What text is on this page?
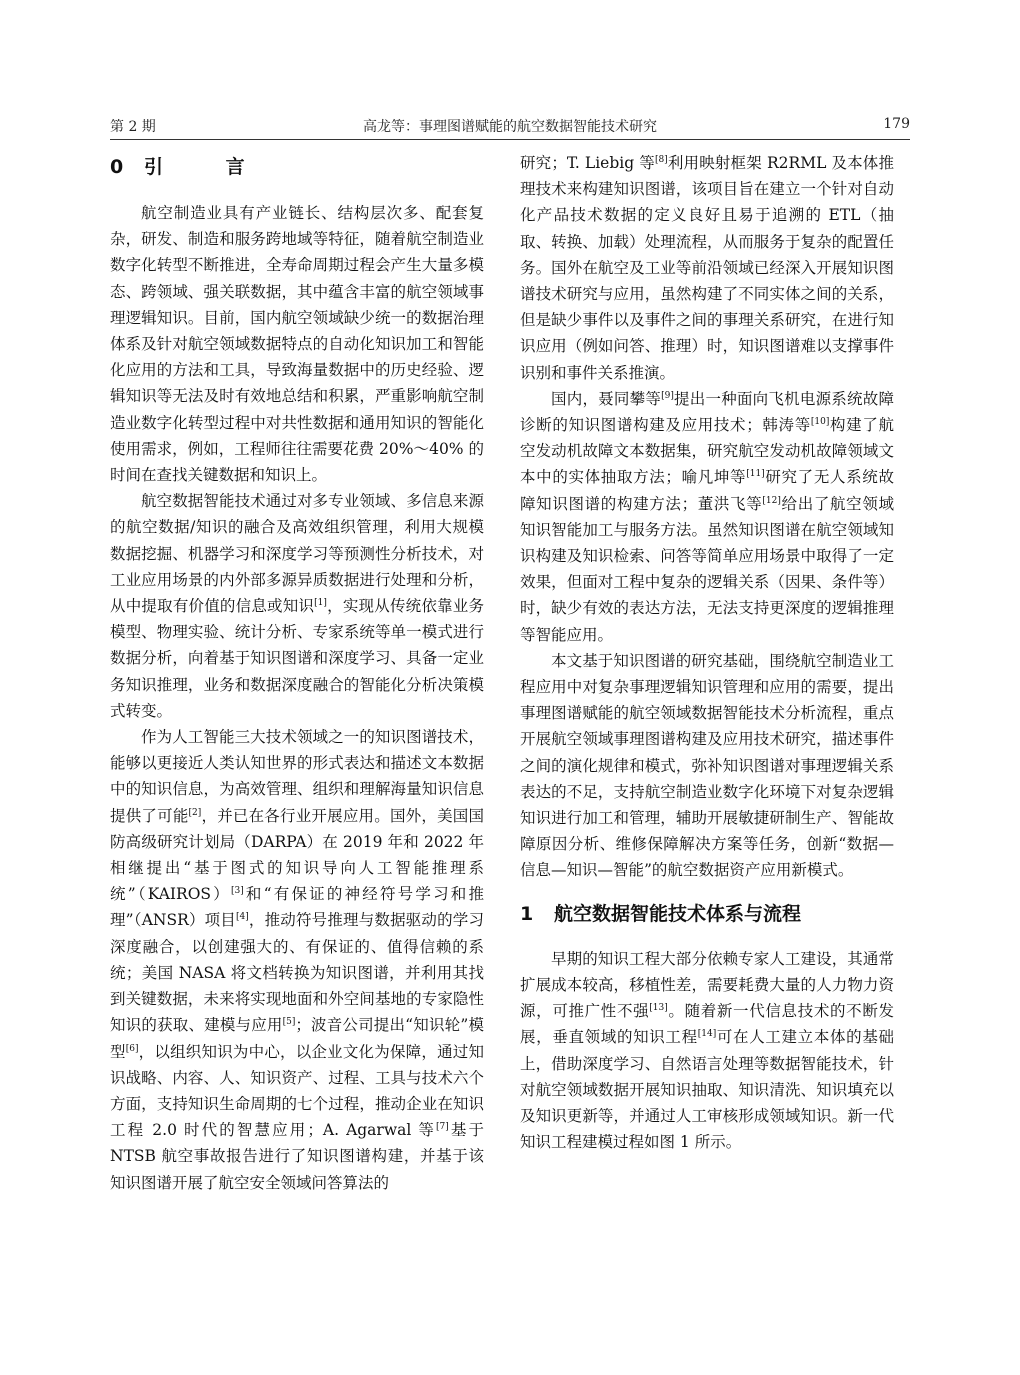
第 2 期	高龙等：事理图谱赋能的航空数据智能技术研究	179
0 引 言

航空制造业具有产业链长、结构层次多、配套复杂，研发、制造和服务跨地域等特征，随着航空制造业数字化转型不断推进，全寿命周期过程会产生大量多模态、跨领域、强关联数据，其中蕴含丰富的航空领域事理逻辑知识。目前，国内航空领域缺少统一的数据治理体系及针对航空领域数据特点的自动化知识加工和智能化应用的方法和工具，导致海量数据中的历史经验、逻辑知识等无法及时有效地总结和积累，严重影响航空制造业数字化转型过程中对共性数据和通用知识的智能化使用需求，例如，工程师往往需要花费 20%～40% 的时间在查找关键数据和知识上。

航空数据智能技术通过对多专业领域、多信息来源的航空数据/知识的融合及高效组织管理，利用大规模数据挖掘、机器学习和深度学习等预测性分析技术，对工业应用场景的内外部多源异质数据进行处理和分析，从中提取有价值的信息或知识[1]，实现从传统依靠业务模型、物理实验、统计分析、专家系统等单一模式进行数据分析，向着基于知识图谱和深度学习、具备一定业务知识推理，业务和数据深度融合的智能化分析决策模式转变。

作为人工智能三大技术领域之一的知识图谱技术，能够以更接近人类认知世界的形式表达和描述文本数据中的知识信息，为高效管理、组织和理解海量知识信息提供了可能[2]，并已在各行业开展应用。国外，美国国防高级研究计划局（DARPA）在 2019 年和 2022 年相继提出“基于图式的知识导向人工智能推理系统”（KAIROS）[3]和“有保证的神经符号学习和推理”（ANSR）项目[4]，推动符号推理与数据驱动的学习深度融合，以创建强大的、有保证的、值得信赖的系统；美国 NASA 将文档转换为知识图谱，并利用其找到关键数据，未来将实现地面和外空间基地的专家隐性知识的获取、建模与应用[5]；波音公司提出“知识轮”模型[6]，以组织知识为中心，以企业文化为保障，通过知识战略、内容、人、知识资产、过程、工具与技术六个方面，支持知识生命周期的七个过程，推动企业在知识工程 2.0 时代的智慧应用；A. Agarwal 等[7]基于 NTSB 航空事故报告进行了知识图谱构建，并基于该知识图谱开展了航空安全领域问答算法的

研究；T. Liebig 等[8]利用映射框架 R2RML 及本体推理技术来构建知识图谱，该项目旨在建立一个针对自动化产品技术数据的定义良好且易于追溯的 ETL（抽取、转换、加载）处理流程，从而服务于复杂的配置任务。国外在航空及工业等前沿领域已经深入开展知识图谱技术研究与应用，虽然构建了不同实体之间的关系，但是缺少事件以及事件之间的事理关系研究，在进行知识应用（例如问答、推理）时，知识图谱难以支撑事件识别和事件关系推演。

国内，聂同攀等[9]提出一种面向飞机电源系统故障诊断的知识图谱构建及应用技术；韩涛等[10]构建了航空发动机故障文本数据集，研究航空发动机故障领域文本中的实体抽取方法；喻凡坤等[11]研究了无人系统故障知识图谱的构建方法；董洪飞等[12]给出了航空领域知识智能加工与服务方法。虽然知识图谱在航空领域知识构建及知识检索、问答等简单应用场景中取得了一定效果，但面对工程中复杂的逻辑关系（因果、条件等）时，缺少有效的表达方法，无法支持更深度的逻辑推理等智能应用。

本文基于知识图谱的研究基础，围绕航空制造业工程应用中对复杂事理逻辑知识管理和应用的需要，提出事理图谱赋能的航空领域数据智能技术分析流程，重点开展航空领域事理图谱构建及应用技术研究，描述事件之间的演化规律和模式，弥补知识图谱对事理逻辑关系表达的不足，支持航空制造业数字化环境下对复杂逻辑知识进行加工和管理，辅助开展敏捷研制生产、智能故障原因分析、维修保障解决方案等任务，创新“数据—信息—知识—智能”的航空数据资产应用新模式。

1 航空数据智能技术体系与流程

早期的知识工程大部分依赖专家人工建设，其通常扩展成本较高，移植性差，需要耗费大量的人力物力资源，可推广性不强[13]。随着新一代信息技术的不断发展，垂直领域的知识工程[14]可在人工建立本体的基础上，借助深度学习、自然语言处理等数据智能技术，针对航空领域数据开展知识抽取、知识清洗、知识填充以及知识更新等，并通过人工审核形成领域知识。新一代知识工程建模过程如图 1 所示。
